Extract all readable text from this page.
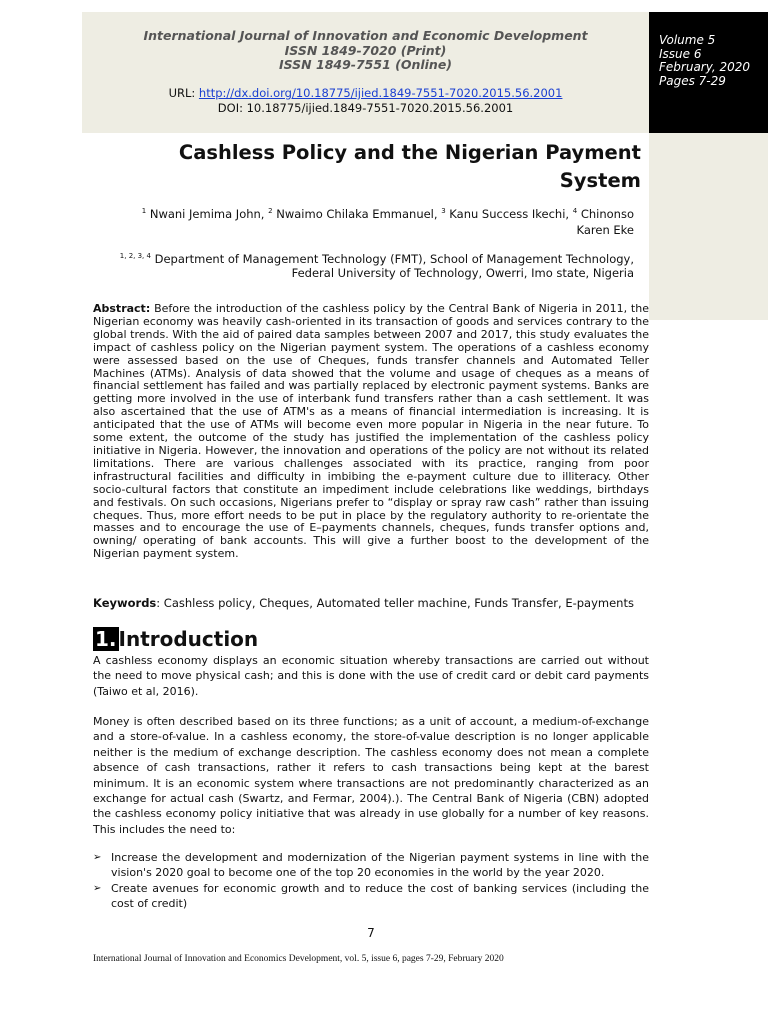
Volume 5
Issue 6
February, 2020
Pages 7-29
International Journal of Innovation and Economic Development
ISSN 1849-7020 (Print)
ISSN 1849-7551 (Online)
URL: http://dx.doi.org/10.18775/ijied.1849-7551-7020.2015.56.2001
DOI: 10.18775/ijied.1849-7551-7020.2015.56.2001
Cashless Policy and the Nigerian Payment
System
$^1$ Nwani Jemima John, $^2$ Nwaimo Chilaka Emmanuel, $^3$ Kanu Success Ikechi, $^4$ Chinonso
Karen Eke
$^{1, 2, 3, 4}$ Department of Management Technology (FMT), School of Management Technology,
Federal University of Technology, Owerri, Imo state, Nigeria
Abstract: Before the introduction of the cashless policy by the Central Bank of Nigeria in 2011, the Nigerian economy was heavily cash-oriented in its transaction of goods and services contrary to the global trends. With the aid of paired data samples between 2007 and 2017, this study evaluates the impact of cashless policy on the Nigerian payment system. The operations of a cashless economy were assessed based on the use of Cheques, funds transfer channels and Automated Teller Machines (ATMs). Analysis of data showed that the volume and usage of cheques as a means of financial settlement has failed and was partially replaced by electronic payment systems. Banks are getting more involved in the use of interbank fund transfers rather than a cash settlement. It was also ascertained that the use of ATM's as a means of financial intermediation is increasing. It is anticipated that the use of ATMs will become even more popular in Nigeria in the near future. To some extent, the outcome of the study has justified the implementation of the cashless policy initiative in Nigeria. However, the innovation and operations of the policy are not without its related limitations. There are various challenges associated with its practice, ranging from poor infrastructural facilities and difficulty in imbibing the e-payment culture due to illiteracy. Other socio-cultural factors that constitute an impediment include celebrations like weddings, birthdays and festivals. On such occasions, Nigerians prefer to “display or spray raw cash” rather than issuing cheques. Thus, more effort needs to be put in place by the regulatory authority to re-orientate the masses and to encourage the use of E–payments channels, cheques, funds transfer options and, owning/ operating of bank accounts. This will give a further boost to the development of the Nigerian payment system.
Keywords: Cashless policy, Cheques, Automated teller machine, Funds Transfer, E-payments
1. Introduction
A cashless economy displays an economic situation whereby transactions are carried out without the need to move physical cash; and this is done with the use of credit card or debit card payments (Taiwo et al, 2016).
Money is often described based on its three functions; as a unit of account, a medium-of-exchange and a store-of-value. In a cashless economy, the store-of-value description is no longer applicable neither is the medium of exchange description. The cashless economy does not mean a complete absence of cash transactions, rather it refers to cash transactions being kept at the barest minimum. It is an economic system where transactions are not predominantly characterized as an exchange for actual cash (Swartz, and Fermar, 2004).). The Central Bank of Nigeria (CBN) adopted the cashless economy policy initiative that was already in use globally for a number of key reasons. This includes the need to:
➢ Increase the development and modernization of the Nigerian payment systems in line with the vision's 2020 goal to become one of the top 20 economies in the world by the year 2020.
➢ Create avenues for economic growth and to reduce the cost of banking services (including the cost of credit)
7
International Journal of Innovation and Economics Development, vol. 5, issue 6, pages 7-29, February 2020
